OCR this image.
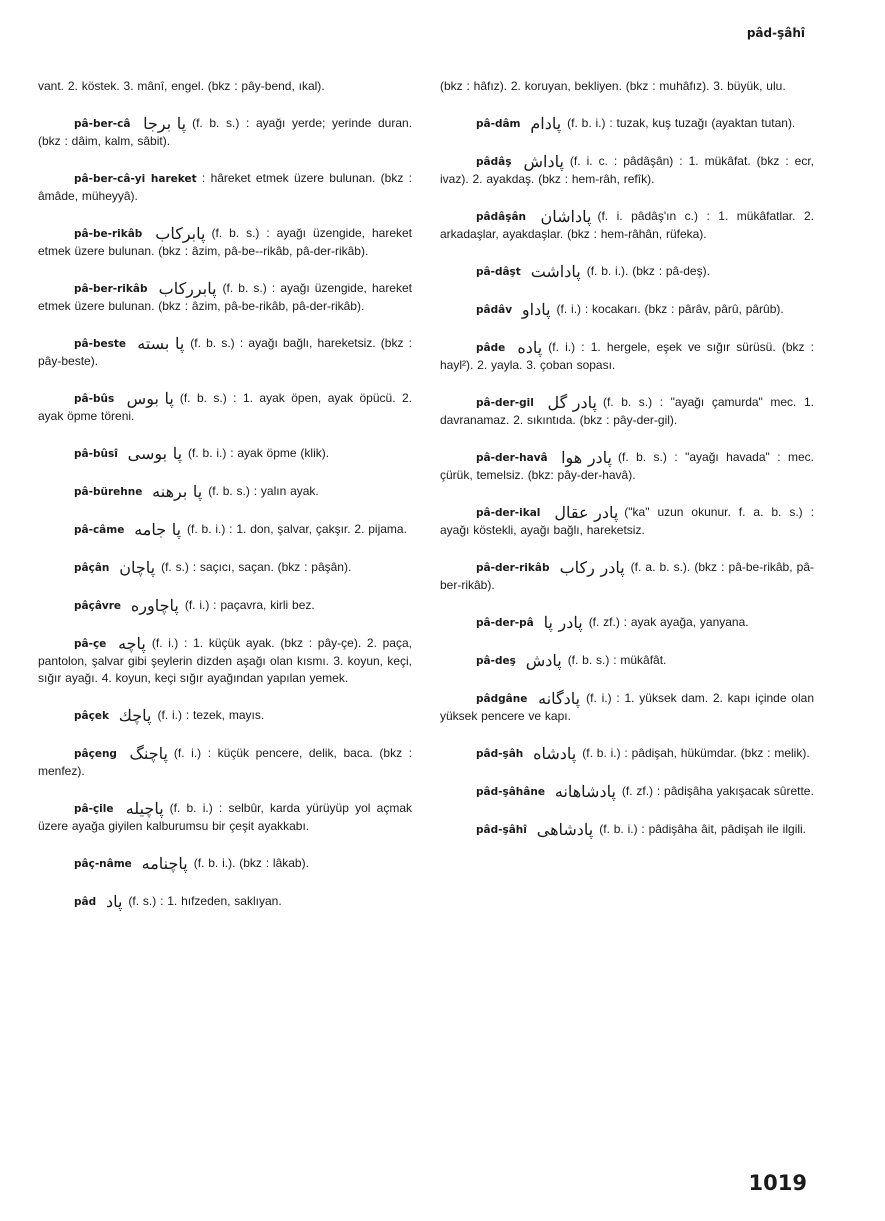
pâd-şâhî
vant. 2. köstek. 3. mânî, engel. (bkz : pây-bend, ıkal).
pâ-ber-câ پا برجا (f. b. s.) : ayağı yerde; yerinde duran. (bkz : dâim, kalm, sâbit).
pâ-ber-câ-yi hareket : hâreket etmek üzere bulunan. (bkz : âmâde, müheyyâ).
pâ-be-rikâb پابركاب (f. b. s.) : ayağı üzengide, hareket etmek üzere bulunan. (bkz : âzim, pâ-be--rikâb, pâ-der-rikâb).
pâ-ber-rikâb پابرركاب (f. b. s.) : ayağı üzengide, hareket etmek üzere bulunan. (bkz : âzim, pâ-be-rikâb, pâ-der-rikâb).
pâ-beste پا بسته (f. b. s.) : ayağı bağlı, hareketsiz. (bkz : pây-beste).
pâ-bûs پا بوس (f. b. s.) : 1. ayak öpen, ayak öpücü. 2. ayak öpme töreni.
pâ-bûsî پا بوسی (f. b. i.) : ayak öpme (klik).
pâ-bürehne پا برهنه (f. b. s.) : yalın ayak.
pâ-câme پا جامه (f. b. i.) : 1. don, şalvar, çakşır. 2. pijama.
pâçân پاچان (f. s.) : saçıcı, saçan. (bkz : pâşân).
pâçâvre پاچاوره (f. i.) : paçavra, kirli bez.
pâ-çe پاچه (f. i.) : 1. küçük ayak. (bkz : pây-çe). 2. paça, pantolon, şalvar gibi şeylerin dizden aşağı olan kısmı. 3. koyun, keçi, sığır ayağı. 4. koyun, keçi sığır ayağından yapılan yemek.
pâçek پاچك (f. i.) : tezek, mayıs.
pâçeng پاچنگ (f. i.) : küçük pencere, delik, baca. (bkz : menfez).
pâ-çile پاچيله (f. b. i.) : selbûr, karda yürüyüp yol açmak üzere ayağa giyilen kalburumsu bir çeşit ayakkabı.
pâç-nâme پاچنامه (f. b. i.). (bkz : lâkab).
pâd پاد (f. s.) : 1. hıfzeden, saklıyan.
(bkz : hâfız). 2. koruyan, bekliyen. (bkz : muhâfız). 3. büyük, ulu.
pâ-dâm پادام (f. b. i.) : tuzak, kuş tuzağı (ayaktan tutan).
pâdâş پاداش (f. i. c. : pâdâşân) : 1. mükâfat. (bkz : ecr, ivaz). 2. ayakdaş. (bkz : hem-râh, refîk).
pâdâşân پاداشان (f. i. pâdâş'ın c.) : 1. mükâfatlar. 2. arkadaşlar, ayakdaşlar. (bkz : hem-râhân, rüfeka).
pâ-dâşt پاداشت (f. b. i.). (bkz : pâ-deş).
pâdâv پاداو (f. i.) : kocakarı. (bkz : pârâv, pârû, pârûb).
pâde پاده (f. i.) : 1. hergele, eşek ve sığır sürüsü. (bkz : hayl²). 2. yayla. 3. çoban sopası.
pâ-der-gil پادر گل (f. b. s.) : "ayağı çamurda" mec. 1. davranamaz. 2. sıkıntıda. (bkz : pây-der-gil).
pâ-der-havâ پادر هوا (f. b. s.) : "ayağı havada" : mec. çürük, temelsiz. (bkz: pây-der-havâ).
pâ-der-ikal پادر عقال ("ka" uzun okunur. f. a. b. s.) : ayağı köstekli, ayağı bağlı, hareketsiz.
pâ-der-rikâb پادر ركاب (f. a. b. s.). (bkz : pâ-be-rikâb, pâ-ber-rikâb).
pâ-der-pâ پادر پا (f. zf.) : ayak ayağa, yanyana.
pâ-deş پادش (f. b. s.) : mükâfât.
pâdgâne پادگانه (f. i.) : 1. yüksek dam. 2. kapı içinde olan yüksek pencere ve kapı.
pâd-şâh پادشاه (f. b. i.) : pâdişah, hükümdar. (bkz : melik).
pâd-şâhâne پادشاهانه (f. zf.) : pâdişâha yakışacak sûrette.
pâd-şâhî پادشاهى (f. b. i.) : pâdişâha âit, pâdişah ile ilgili.
1019
